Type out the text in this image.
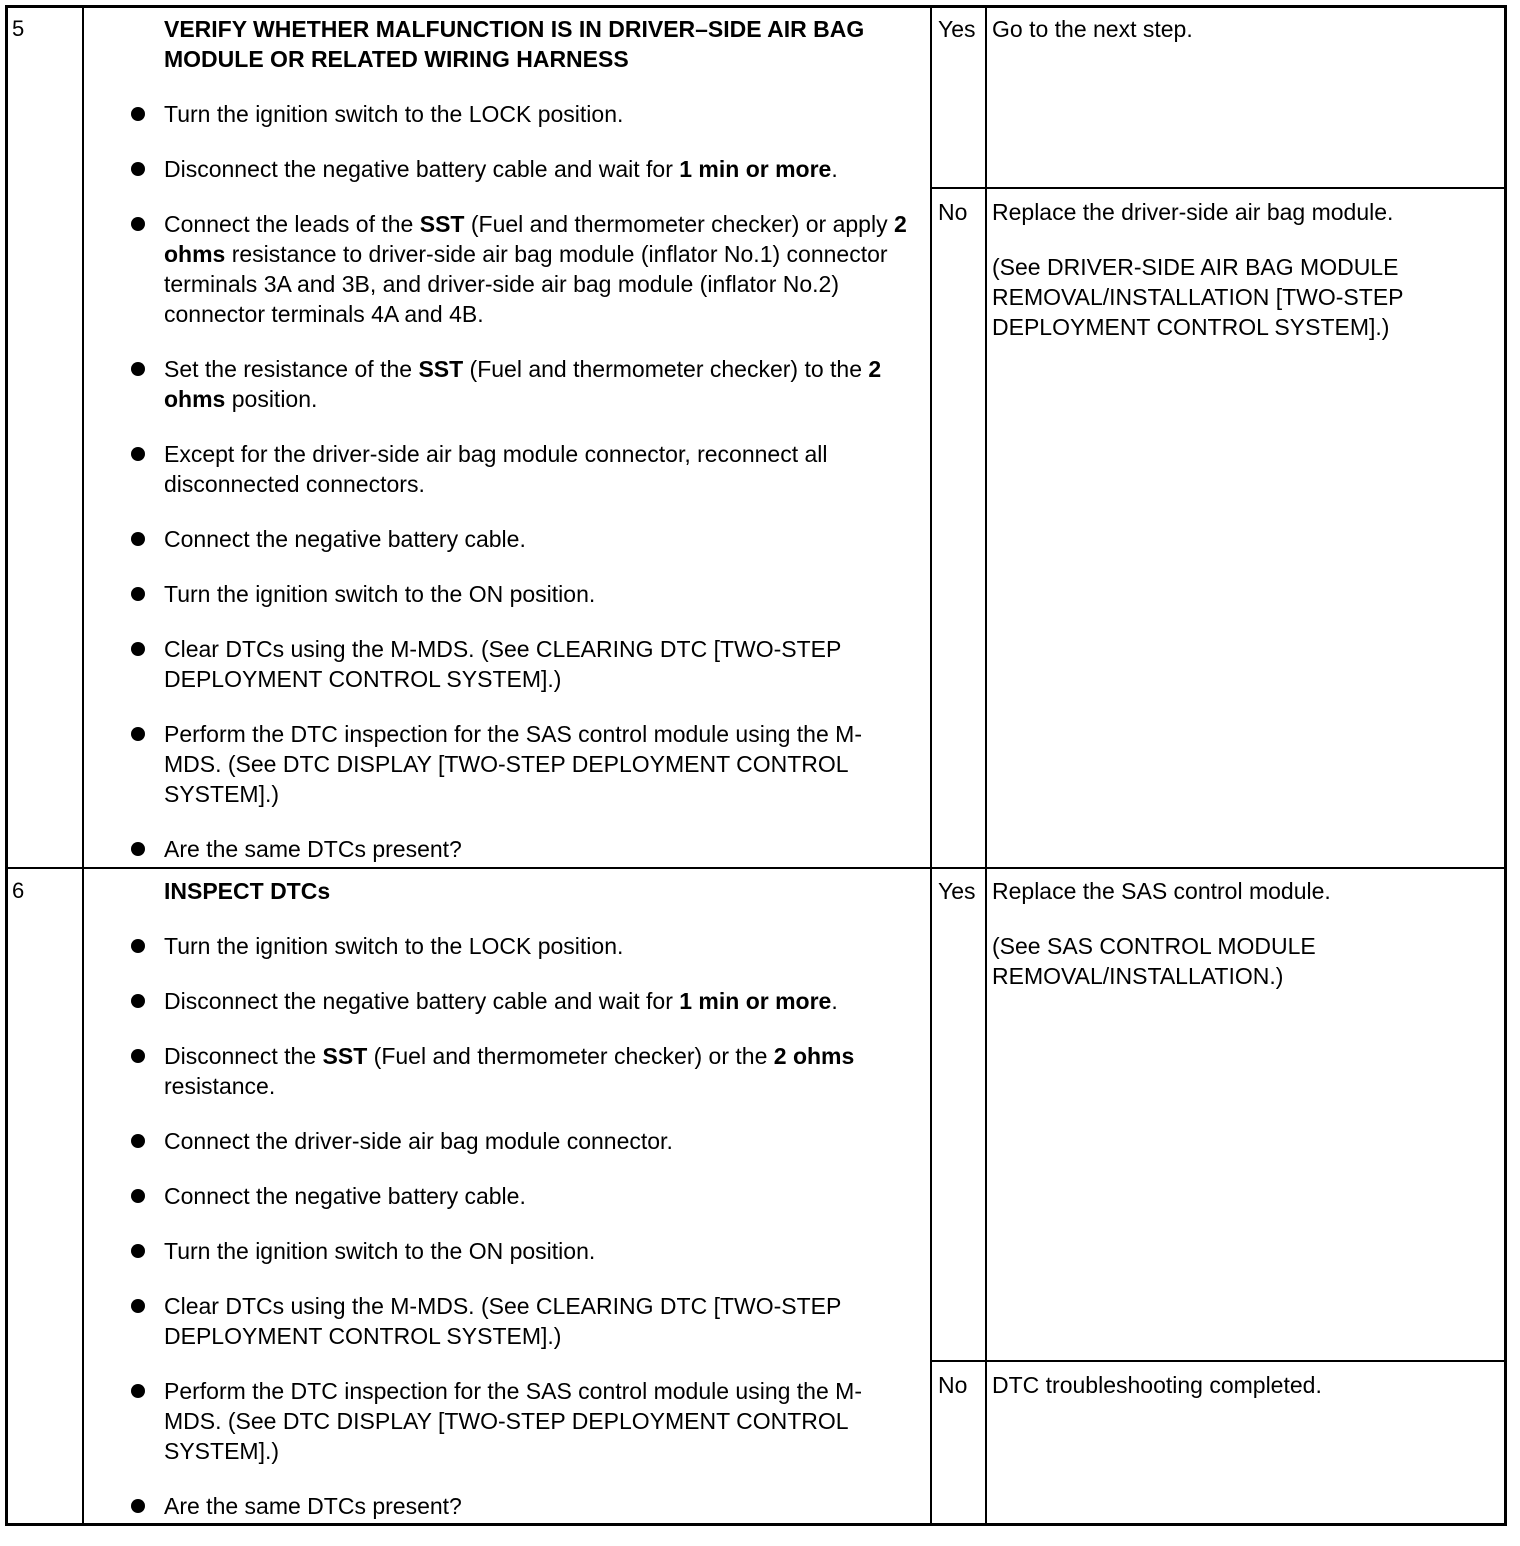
5	VERIFY WHETHER MALFUNCTION IS IN DRIVER–SIDE AIR BAG MODULE OR RELATED WIRING HARNESS
Turn the ignition switch to the LOCK position.
Disconnect the negative battery cable and wait for 1 min or more.
Connect the leads of the SST (Fuel and thermometer checker) or apply 2 ohms resistance to driver-side air bag module (inflator No.1) connector terminals 3A and 3B, and driver-side air bag module (inflator No.2) connector terminals 4A and 4B.
Set the resistance of the SST (Fuel and thermometer checker) to the 2 ohms position.
Except for the driver-side air bag module connector, reconnect all disconnected connectors.
Connect the negative battery cable.
Turn the ignition switch to the ON position.
Clear DTCs using the M-MDS. (See CLEARING DTC [TWO-STEP DEPLOYMENT CONTROL SYSTEM].)
Perform the DTC inspection for the SAS control module using the M-MDS. (See DTC DISPLAY [TWO-STEP DEPLOYMENT CONTROL SYSTEM].)
Are the same DTCs present?
Yes Go to the next step.

No Replace the driver-side air bag module.

(See DRIVER-SIDE AIR BAG MODULE REMOVAL/INSTALLATION [TWO-STEP DEPLOYMENT CONTROL SYSTEM].)

6	INSPECT DTCs
Turn the ignition switch to the LOCK position.
Disconnect the negative battery cable and wait for 1 min or more.
Disconnect the SST (Fuel and thermometer checker) or the 2 ohms resistance.
Connect the driver-side air bag module connector.
Connect the negative battery cable.
Turn the ignition switch to the ON position.
Clear DTCs using the M-MDS. (See CLEARING DTC [TWO-STEP DEPLOYMENT CONTROL SYSTEM].)
Perform the DTC inspection for the SAS control module using the M-MDS. (See DTC DISPLAY [TWO-STEP DEPLOYMENT CONTROL SYSTEM].)
Are the same DTCs present?
Yes Replace the SAS control module.

(See SAS CONTROL MODULE REMOVAL/INSTALLATION.)

No DTC troubleshooting completed.
